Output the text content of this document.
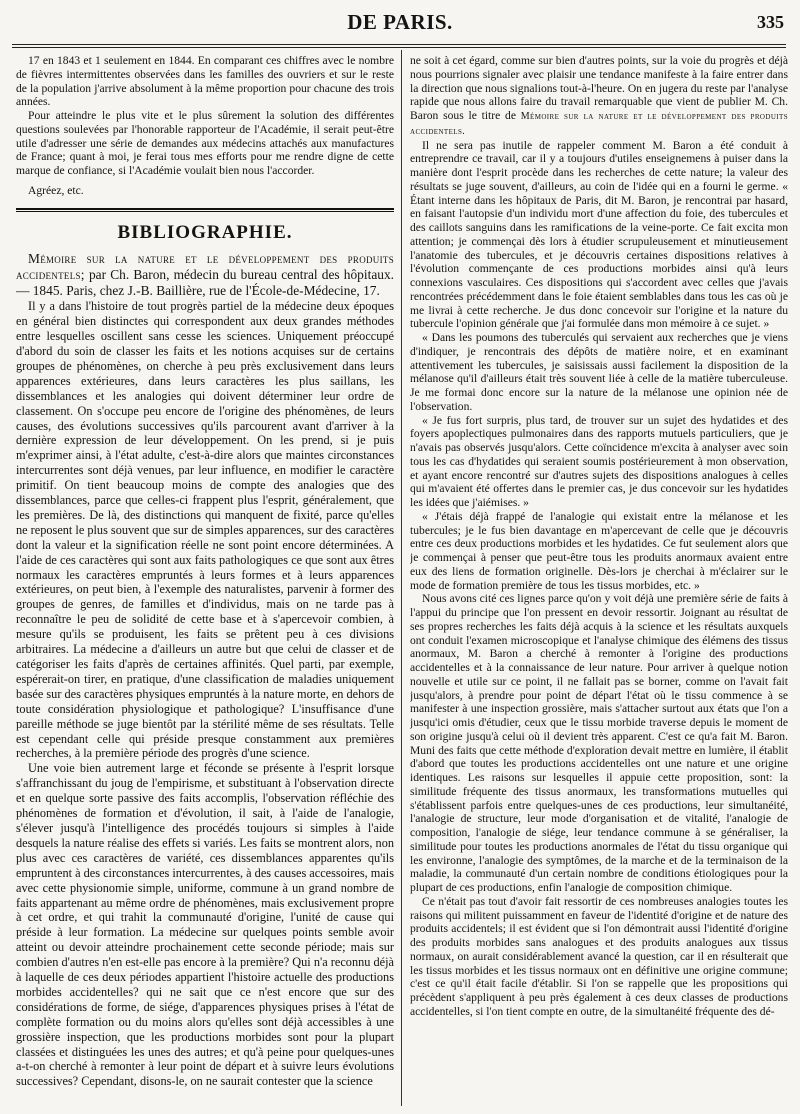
DE PARIS.	335

17 en 1843 et 1 seulement en 1844. En comparant ces chiffres avec le nombre de fièvres intermittentes observées dans les familles des ouvriers et sur le reste de la population j'arrive absolument à la même proportion pour chacune des trois années.

Pour atteindre le plus vite et le plus sûrement la solution des différentes questions soulevées par l'honorable rapporteur de l'Académie, il serait peut-être utile d'adresser une série de demandes aux médecins attachés aux manufactures de France; quant à moi, je ferai tous mes efforts pour me rendre digne de cette marque de confiance, si l'Académie voulait bien nous l'accorder.

Agréez, etc.

BIBLIOGRAPHIE.

Mémoire sur la nature et le développement des produits accidentels; par Ch. Baron, médecin du bureau central des hôpitaux. — 1845. Paris, chez J.-B. Baillière, rue de l'École-de-Médecine, 17.

Il y a dans l'histoire de tout progrès partiel de la médecine deux époques en général bien distinctes qui correspondent aux deux grandes méthodes entre lesquelles oscillent sans cesse les sciences. Uniquement préoccupé d'abord du soin de classer les faits et les notions acquises sur de certains groupes de phénomènes, on cherche à peu près exclusivement dans leurs apparences extérieures, dans leurs caractères les plus saillans, les dissemblances et les analogies qui doivent déterminer leur ordre de classement. On s'occupe peu encore de l'origine des phénomènes, de leurs causes, des évolutions successives qu'ils parcourent avant d'arriver à la dernière expression de leur développement. On les prend, si je puis m'exprimer ainsi, à l'état adulte, c'est-à-dire alors que maintes circonstances intercurrentes sont déjà venues, par leur influence, en modifier le caractère primitif. On tient beaucoup moins de compte des analogies que des dissemblances, parce que celles-ci frappent plus l'esprit, généralement, que les premières. De là, des distinctions qui manquent de fixité, parce qu'elles ne reposent le plus souvent que sur de simples apparences, sur des caractères dont la valeur et la signification réelle ne sont point encore déterminées. A l'aide de ces caractères qui sont aux faits pathologiques ce que sont aux êtres normaux les caractères empruntés à leurs formes et à leurs apparences extérieures, on peut bien, à l'exemple des naturalistes, parvenir à former des groupes de genres, de familles et d'individus, mais on ne tarde pas à reconnaître le peu de solidité de cette base et à s'apercevoir combien, à mesure qu'ils se produisent, les faits se prêtent peu à ces divisions arbitraires. La médecine a d'ailleurs un autre but que celui de classer et de catégoriser les faits d'après de certaines affinités. Quel parti, par exemple, espérerait-on tirer, en pratique, d'une classification de maladies uniquement basée sur des caractères physiques empruntés à la nature morte, en dehors de toute considération physiologique et pathologique? L'insuffisance d'une pareille méthode se juge bientôt par la stérilité même de ses résultats. Telle est cependant celle qui préside presque constamment aux premières recherches, à la première période des progrès d'une science.

Une voie bien autrement large et féconde se présente à l'esprit lorsque s'affranchissant du joug de l'empirisme, et substituant à l'observation directe et en quelque sorte passive des faits accomplis, l'observation réfléchie des phénomènes de formation et d'évolution, il sait, à l'aide de l'analogie, s'élever jusqu'à l'intelligence des procédés toujours si simples à l'aide desquels la nature réalise des effets si variés. Les faits se montrent alors, non plus avec ces caractères de variété, ces dissemblances apparentes qu'ils empruntent à des circonstances intercurrentes, à des causes accessoires, mais avec cette physionomie simple, uniforme, commune à un grand nombre de faits appartenant au même ordre de phénomènes, mais exclusivement propre à cet ordre, et qui trahit la communauté d'origine, l'unité de cause qui préside à leur formation. La médecine sur quelques points semble avoir atteint ou devoir atteindre prochainement cette seconde période; mais sur combien d'autres n'en est-elle pas encore à la première? Qui n'a reconnu déjà à laquelle de ces deux périodes appartient l'histoire actuelle des productions morbides accidentelles? qui ne sait que ce n'est encore que sur des considérations de forme, de siége, d'apparences physiques prises à l'état de complète formation ou du moins alors qu'elles sont déjà accessibles à une grossière inspection, que les productions morbides sont pour la plupart classées et distinguées les unes des autres; et qu'à peine pour quelques-unes a-t-on cherché à remonter à leur point de départ et à suivre leurs évolutions successives? Cependant, disons-le, on ne saurait contester que la science

ne soit à cet égard, comme sur bien d'autres points, sur la voie du progrès et déjà nous pourrions signaler avec plaisir une tendance manifeste à la faire entrer dans la direction que nous signalions tout-à-l'heure. On en jugera du reste par l'analyse rapide que nous allons faire du travail remarquable que vient de publier M. Ch. Baron sous le titre de Mémoire sur la nature et le développement des produits accidentels.

Il ne sera pas inutile de rappeler comment M. Baron a été conduit à entreprendre ce travail, car il y a toujours d'utiles enseignemens à puiser dans la manière dont l'esprit procède dans les recherches de cette nature; la valeur des résultats se juge souvent, d'ailleurs, au coin de l'idée qui en a fourni le germe. « Étant interne dans les hôpitaux de Paris, dit M. Baron, je rencontrai par hasard, en faisant l'autopsie d'un individu mort d'une affection du foie, des tubercules et des caillots sanguins dans les ramifications de la veine-porte. Ce fait excita mon attention; je commençai dès lors à étudier scrupuleusement et minutieusement l'anatomie des tubercules, et je découvris certaines dispositions relatives à l'évolution commençante de ces productions morbides ainsi qu'à leurs connexions vasculaires. Ces dispositions qui s'accordent avec celles que j'avais rencontrées précédemment dans le foie étaient semblables dans tous les cas où je me livrai à cette recherche. Je dus donc concevoir sur l'origine et la nature du tubercule l'opinion générale que j'ai formulée dans mon mémoire à ce sujet. »

« Dans les poumons des tuberculés qui servaient aux recherches que je viens d'indiquer, je rencontrais des dépôts de matière noire, et en examinant attentivement les tubercules, je saisissais aussi facilement la disposition de la mélanose qu'il d'ailleurs était très souvent liée à celle de la matière tuberculeuse. Je me formai donc encore sur la nature de la mélanose une opinion née de l'observation.

« Je fus fort surpris, plus tard, de trouver sur un sujet des hydatides et des foyers apoplectiques pulmonaires dans des rapports mutuels particuliers, que je n'avais pas observés jusqu'alors. Cette coïncidence m'excita à analyser avec soin tous les cas d'hydatides qui seraient soumis postérieurement à mon observation, et ayant encore rencontré sur d'autres sujets des dispositions analogues à celles qui m'avaient été offertes dans le premier cas, je dus concevoir sur les hydatides les idées que j'aiémises. »

« J'étais déjà frappé de l'analogie qui existait entre la mélanose et les tubercules; je le fus bien davantage en m'apercevant de celle que je découvris entre ces deux productions morbides et les hydatides. Ce fut seulement alors que je commençai à penser que peut-être tous les produits anormaux avaient entre eux des liens de formation originelle. Dès-lors je cherchai à m'éclairer sur le mode de formation première de tous les tissus morbides, etc. »

Nous avons cité ces lignes parce qu'on y voit déjà une première série de faits à l'appui du principe que l'on pressent en devoir ressortir. Joignant au résultat de ses propres recherches les faits déjà acquis à la science et les résultats auxquels ont conduit l'examen microscopique et l'analyse chimique des élémens des tissus anormaux, M. Baron a cherché à remonter à l'origine des productions accidentelles et à la connaissance de leur nature. Pour arriver à quelque notion nouvelle et utile sur ce point, il ne fallait pas se borner, comme on l'avait fait jusqu'alors, à prendre pour point de départ l'état où le tissu commence à se manifester à une inspection grossière, mais s'attacher surtout aux états que l'on a jusqu'ici omis d'étudier, ceux que le tissu morbide traverse depuis le moment de son origine jusqu'à celui où il devient très apparent. C'est ce qu'a fait M. Baron. Muni des faits que cette méthode d'exploration devait mettre en lumière, il établit d'abord que toutes les productions accidentelles ont une nature et une origine identiques. Les raisons sur lesquelles il appuie cette proposition, sont: la similitude fréquente des tissus anormaux, les transformations mutuelles qui s'établissent parfois entre quelques-unes de ces productions, leur simultanéité, l'analogie de structure, leur mode d'organisation et de vitalité, l'analogie de composition, l'analogie de siége, leur tendance commune à se généraliser, la similitude pour toutes les productions anormales de l'état du tissu organique qui les environne, l'analogie des symptômes, de la marche et de la terminaison de la maladie, la communauté d'un certain nombre de conditions étiologiques pour la plupart de ces productions, enfin l'analogie de composition chimique.

Ce n'était pas tout d'avoir fait ressortir de ces nombreuses analogies toutes les raisons qui militent puissamment en faveur de l'identité d'origine et de nature des produits accidentels; il est évident que si l'on démontrait aussi l'identité d'origine des produits morbides sans analogues et des produits analogues aux tissus normaux, on aurait considérablement avancé la question, car il en résulterait que les tissus morbides et les tissus normaux ont en définitive une origine commune; c'est ce qu'il était facile d'établir. Si l'on se rappelle que les propositions qui précèdent s'appliquent à peu près également à ces deux classes de productions accidentelles, si l'on tient compte en outre, de la simultanéité fréquente des dé-
